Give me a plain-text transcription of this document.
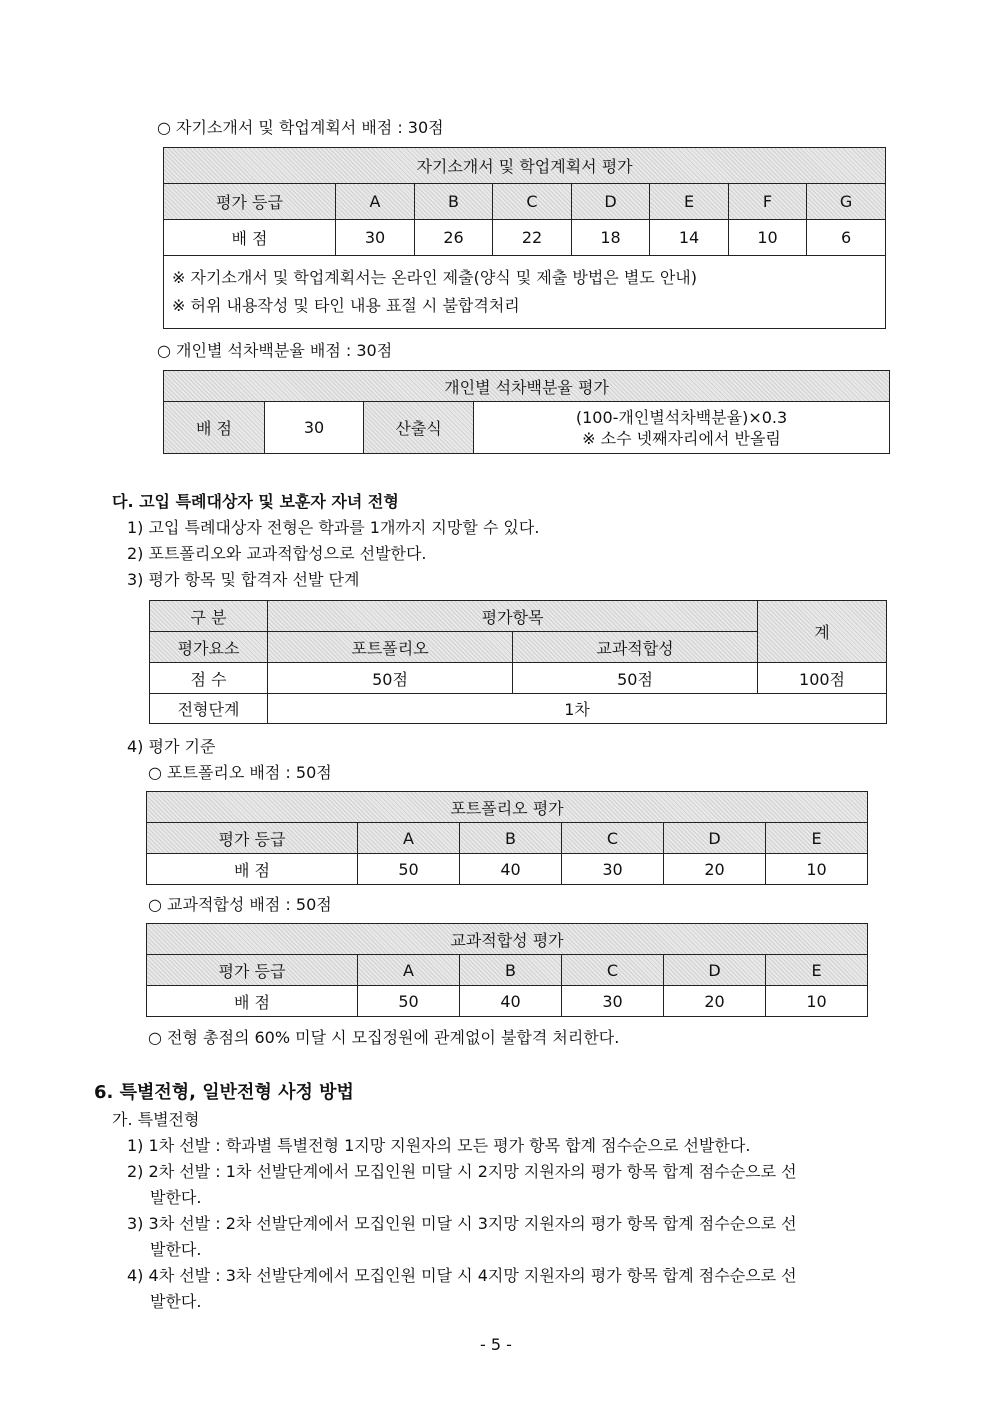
○ 자기소개서 및 학업계획서 배점 : 30점
자기소개서 및 학업계획서 평가							
평가 등급	A	B	C	D	E	F	G
배 점	30	26	22	18	14	10	6

※ 자기소개서 및 학업계획서는 온라인 제출(양식 및 제출 방법은 별도 안내)
※ 허위 내용작성 및 타인 내용 표절 시 불합격처리							
○ 개인별 석차백분율 배점 : 30점
개인별 석차백분율 평가
배 점	30	산출식	
(100-개인별석차백분율)×0.3
※ 소수 넷째자리에서 반올림
다. 고입 특례대상자 및 보훈자 자녀 전형
1) 고입 특례대상자 전형은 학과를 1개까지 지망할 수 있다.
2) 포트폴리오와 교과적합성으로 선발한다.
3) 평가 항목 및 합격자 선발 단계
구 분	평가항목		계
평가요소	포트폴리오	교과적합성	
점 수	50점	50점	100점
전형단계	1차		
4) 평가 기준
○ 포트폴리오 배점 : 50점
포트폴리오 평가					
평가 등급	A	B	C	D	E
배 점	50	40	30	20	10
○ 교과적합성 배점 : 50점
교과적합성 평가					
평가 등급	A	B	C	D	E
배 점	50	40	30	20	10
○ 전형 총점의 60% 미달 시 모집정원에 관계없이 불합격 처리한다.
6. 특별전형, 일반전형 사정 방법
가. 특별전형
1) 1차 선발 : 학과별 특별전형 1지망 지원자의 모든 평가 항목 합계 점수순으로 선발한다.
2) 2차 선발 : 1차 선발단계에서 모집인원 미달 시 2지망 지원자의 평가 항목 합계 점수순으로 선
발한다.
3) 3차 선발 : 2차 선발단계에서 모집인원 미달 시 3지망 지원자의 평가 항목 합계 점수순으로 선
발한다.
4) 4차 선발 : 3차 선발단계에서 모집인원 미달 시 4지망 지원자의 평가 항목 합계 점수순으로 선
발한다.
- 5 -
